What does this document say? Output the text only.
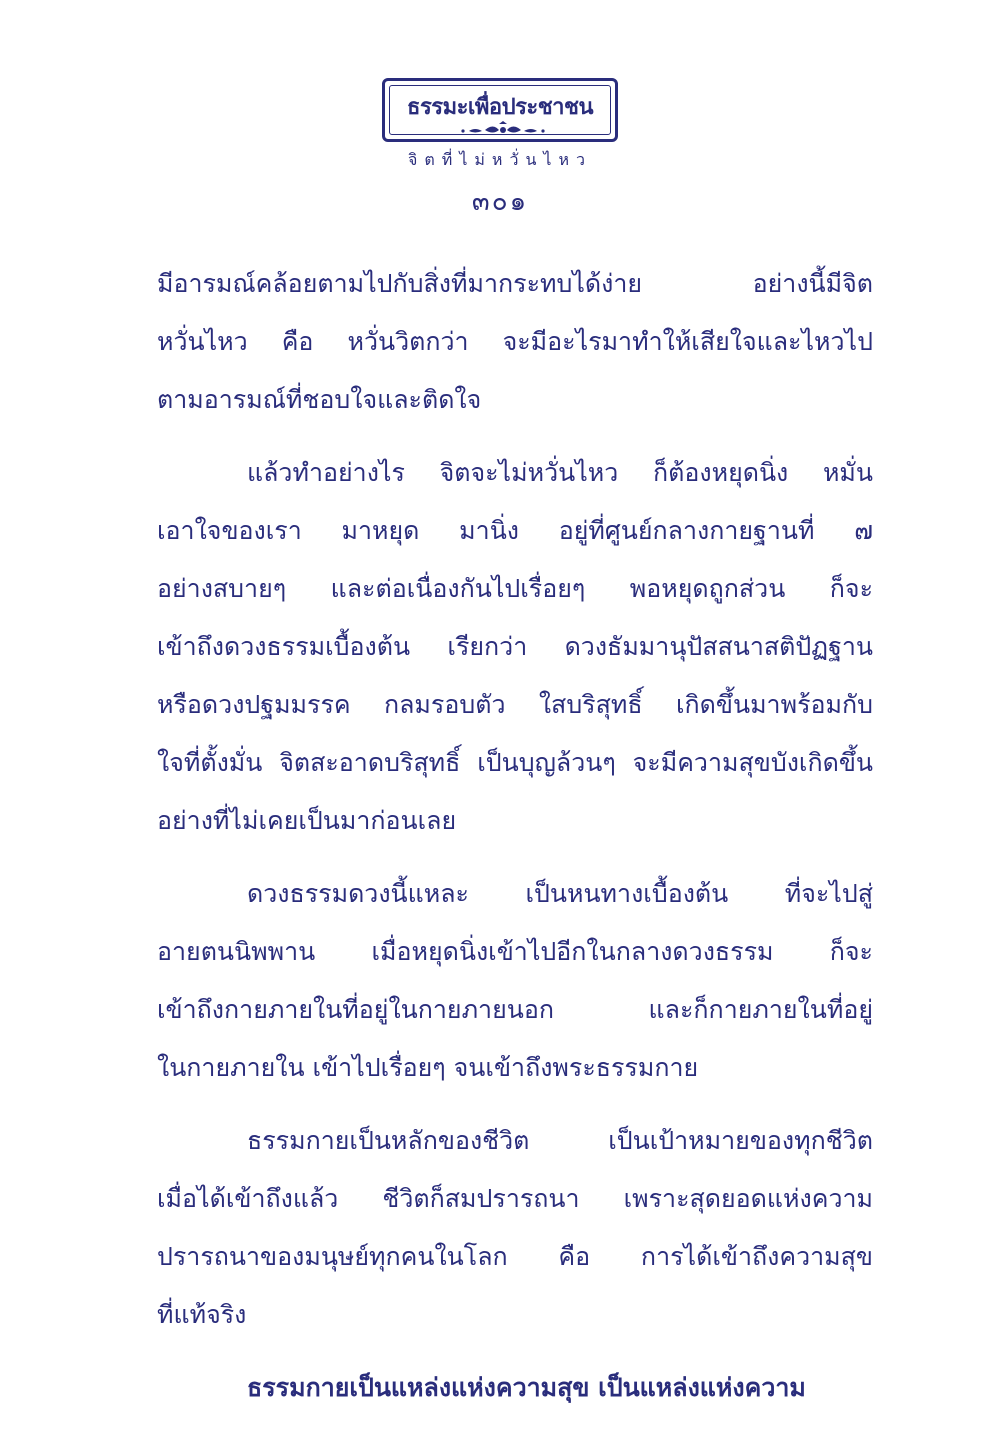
ธรรมะเพื่อประชาชน
จิตที่ไม่หวั่นไหว
๓๐๑
มีอารมณ์คล้อยตามไปกับสิ่งที่มากระทบได้ง่าย อย่างนี้มีจิต
หวั่นไหว คือ หวั่นวิตกว่า จะมีอะไรมาทำให้เสียใจและไหวไป
ตามอารมณ์ที่ชอบใจและติดใจ
แล้วทำอย่างไร จิตจะไม่หวั่นไหว ก็ต้องหยุดนิ่ง หมั่น
เอาใจของเรา มาหยุด มานิ่ง อยู่ที่ศูนย์กลางกายฐานที่ ๗
อย่างสบายๆ และต่อเนื่องกันไปเรื่อยๆ พอหยุดถูกส่วน ก็จะ
เข้าถึงดวงธรรมเบื้องต้น เรียกว่า ดวงธัมมานุปัสสนาสติปัฏฐาน
หรือดวงปฐมมรรค กลมรอบตัว ใสบริสุทธิ์ เกิดขึ้นมาพร้อมกับ
ใจที่ตั้งมั่น จิตสะอาดบริสุทธิ์ เป็นบุญล้วนๆ จะมีความสุขบังเกิดขึ้น
อย่างที่ไม่เคยเป็นมาก่อนเลย
ดวงธรรมดวงนี้แหละ เป็นหนทางเบื้องต้น ที่จะไปสู่
อายตนนิพพาน เมื่อหยุดนิ่งเข้าไปอีกในกลางดวงธรรม ก็จะ
เข้าถึงกายภายในที่อยู่ในกายภายนอก และก็กายภายในที่อยู่
ในกายภายใน เข้าไปเรื่อยๆ จนเข้าถึงพระธรรมกาย
ธรรมกายเป็นหลักของชีวิต เป็นเป้าหมายของทุกชีวิต
เมื่อได้เข้าถึงแล้ว ชีวิตก็สมปรารถนา เพราะสุดยอดแห่งความ
ปรารถนาของมนุษย์ทุกคนในโลก คือ การได้เข้าถึงความสุข
ที่แท้จริง
ธรรมกายเป็นแหล่งแห่งความสุข เป็นแหล่งแห่งความ
